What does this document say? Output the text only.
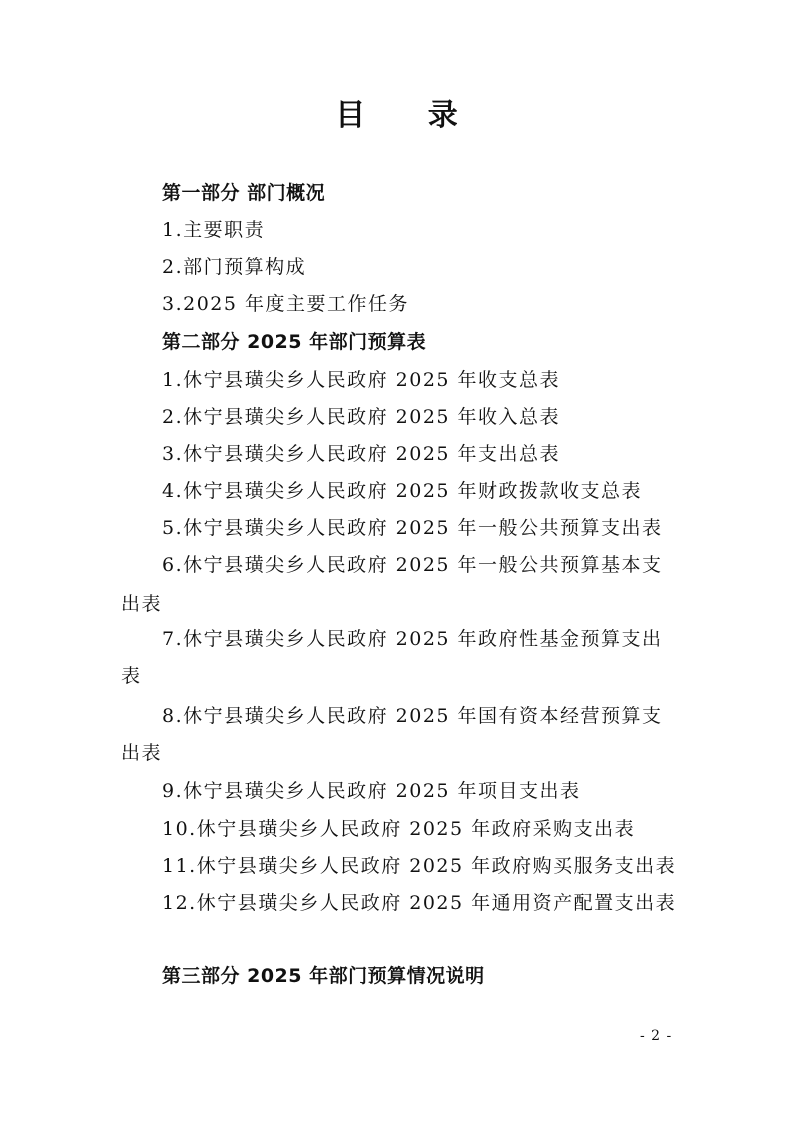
目 录
第一部分 部门概况
1.主要职责
2.部门预算构成
3.2025 年度主要工作任务
第二部分 2025 年部门预算表
1.休宁县璜尖乡人民政府 2025 年收支总表
2.休宁县璜尖乡人民政府 2025 年收入总表
3.休宁县璜尖乡人民政府 2025 年支出总表
4.休宁县璜尖乡人民政府 2025 年财政拨款收支总表
5.休宁县璜尖乡人民政府 2025 年一般公共预算支出表
6.休宁县璜尖乡人民政府 2025 年一般公共预算基本支
出表
7.休宁县璜尖乡人民政府 2025 年政府性基金预算支出
表
8.休宁县璜尖乡人民政府 2025 年国有资本经营预算支
出表
9.休宁县璜尖乡人民政府 2025 年项目支出表
10.休宁县璜尖乡人民政府 2025 年政府采购支出表
11.休宁县璜尖乡人民政府 2025 年政府购买服务支出表
12.休宁县璜尖乡人民政府 2025 年通用资产配置支出表
第三部分 2025 年部门预算情况说明
- 2 -
